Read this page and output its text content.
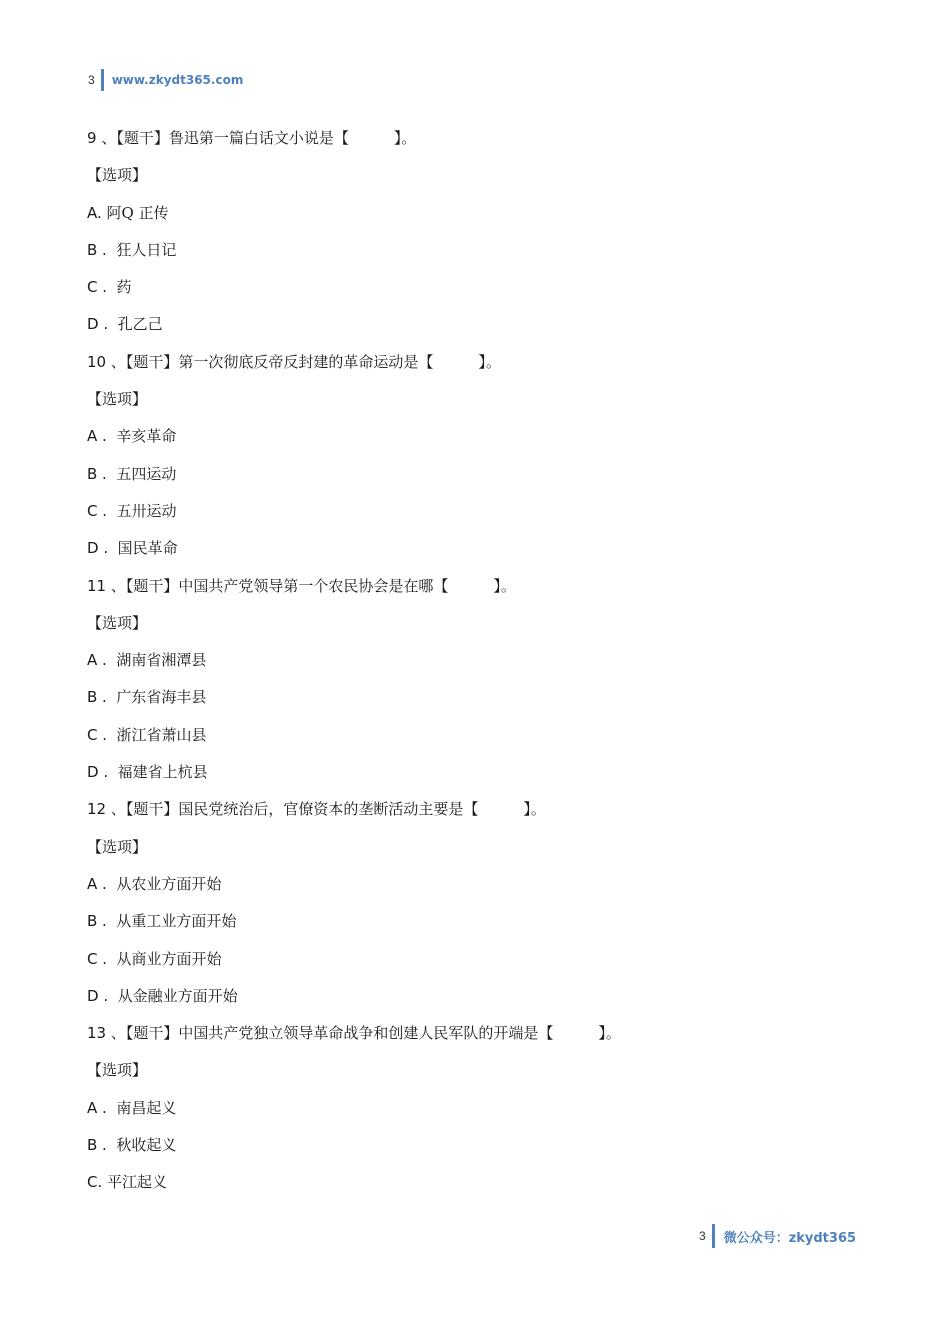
3 www.zkydt365.com
9 、【题干】鲁迅第一篇白话文小说是【　　　】。
【选项】
A. 阿Q 正传
B .  狂人日记
C .  药
D .  孔乙己
10 、【题干】第一次彻底反帝反封建的革命运动是【　　　】。
【选项】
A .  辛亥革命
B .  五四运动
C .  五卅运动
D .  国民革命
11 、【题干】中国共产党领导第一个农民协会是在哪【　　　】。
【选项】
A .  湖南省湘潭县
B .  广东省海丰县
C .  浙江省萧山县
D .  福建省上杭县
12 、【题干】国民党统治后，官僚资本的垄断活动主要是【　　　】。
【选项】
A .  从农业方面开始
B .  从重工业方面开始
C .  从商业方面开始
D .  从金融业方面开始
13 、【题干】中国共产党独立领导革命战争和创建人民军队的开端是【　　　】。
【选项】
A .  南昌起义
B .  秋收起义
C. 平江起义
3 微公众号：zkydt365
